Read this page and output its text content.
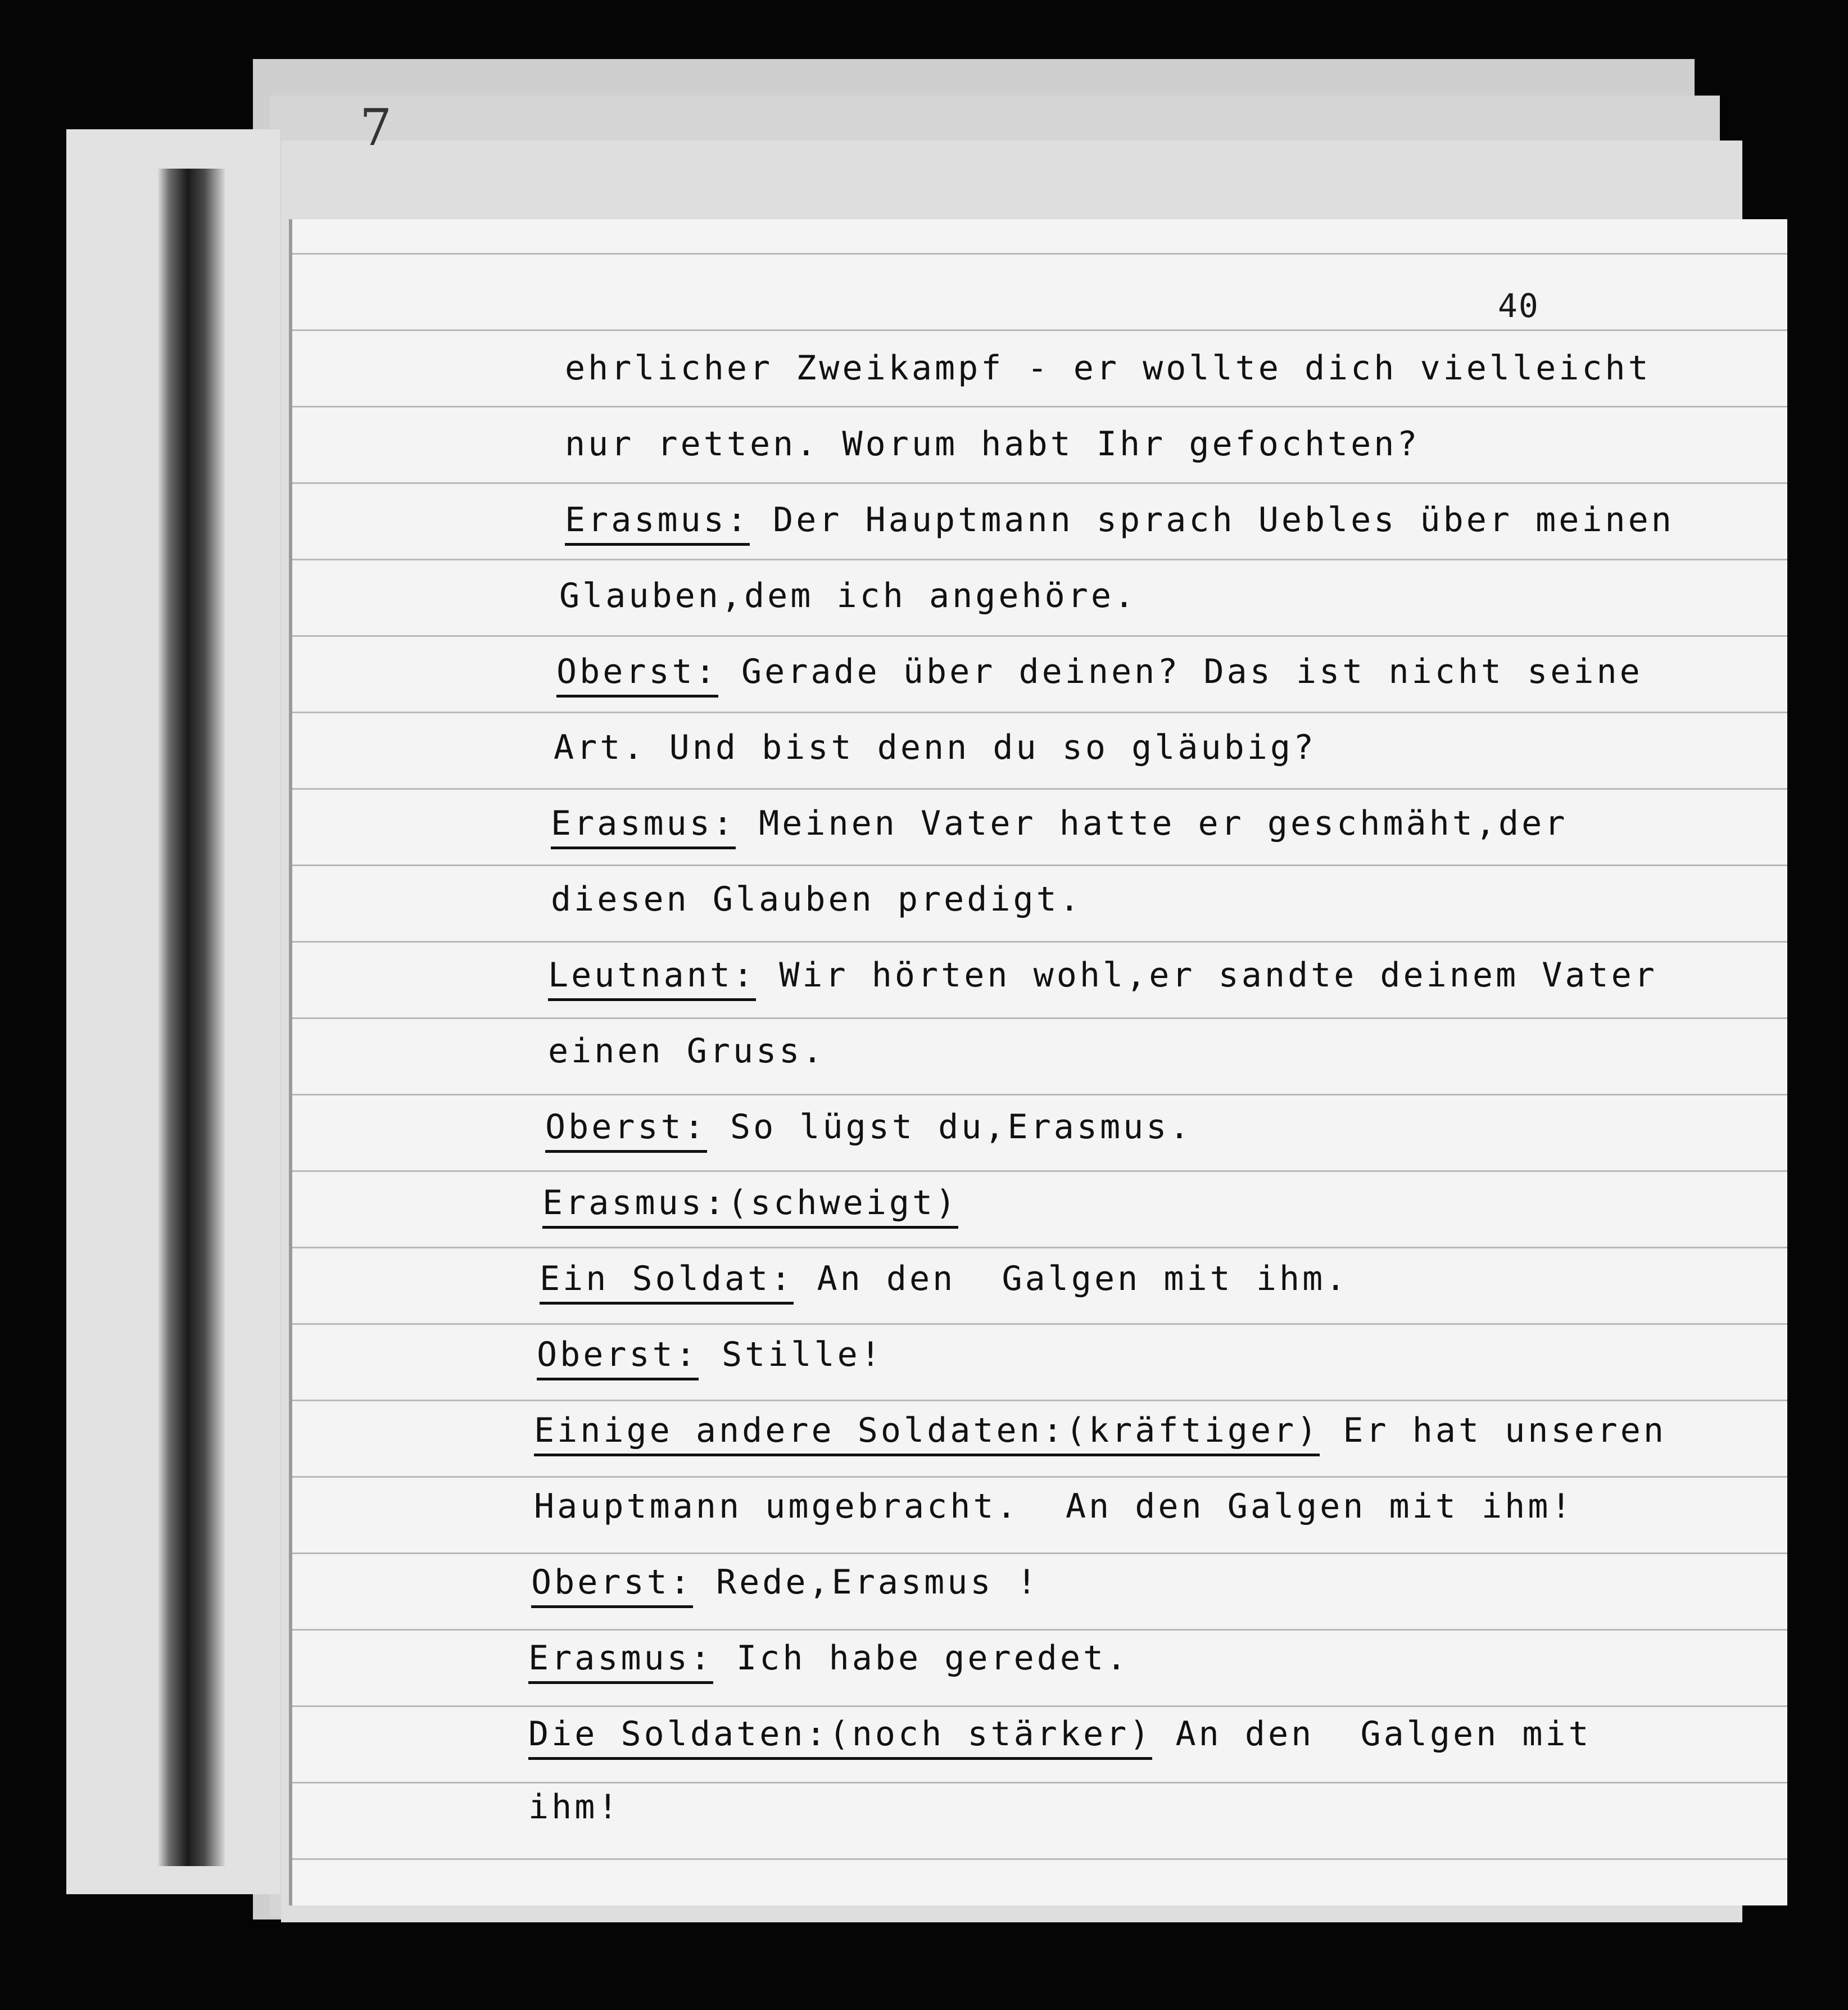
7
40
ehrlicher Zweikampf - er wollte dich vielleicht
nur retten. Worum habt Ihr gefochten?
Erasmus: Der Hauptmann sprach Uebles über meinen
Glauben,dem ich angehöre.
Oberst: Gerade über deinen? Das ist nicht seine
Art. Und bist denn du so gläubig?
Erasmus: Meinen Vater hatte er geschmäht,der
diesen Glauben predigt.
Leutnant: Wir hörten wohl,er sandte deinem Vater
einen Gruss.
Oberst: So lügst du,Erasmus.
Erasmus:(schweigt)
Ein Soldat: An den  Galgen mit ihm.
Oberst: Stille!
Einige andere Soldaten:(kräftiger) Er hat unseren
Hauptmann umgebracht.  An den Galgen mit ihm!
Oberst: Rede,Erasmus !
Erasmus: Ich habe geredet.
Die Soldaten:(noch stärker) An den  Galgen mit
ihm!
